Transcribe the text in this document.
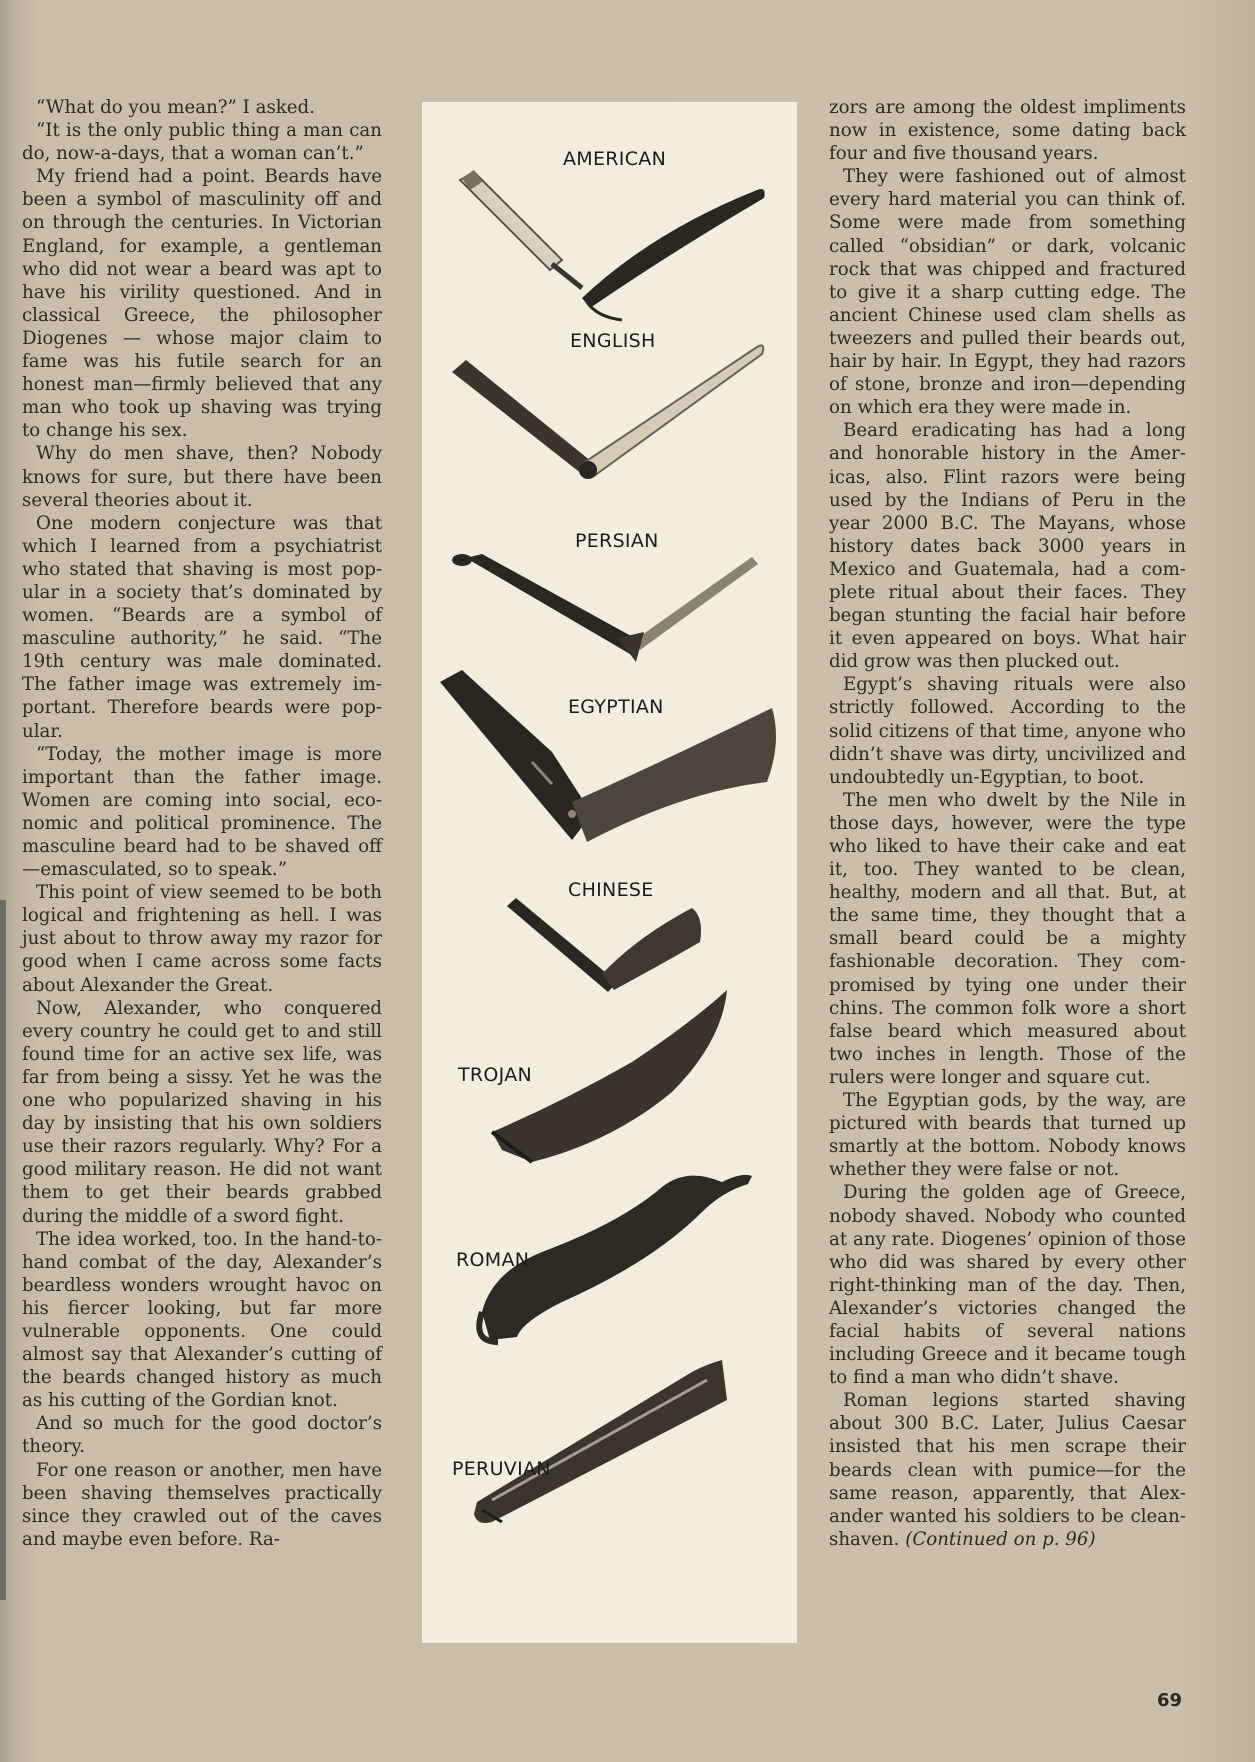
“What do you mean?” I asked.

“It is the only public thing a man can do, now-a-days, that a woman can’t.”

My friend had a point. Beards have been a symbol of masculinity off and on through the centuries. In Victorian England, for example, a gentleman who did not wear a beard was apt to have his virility questioned. And in classical Greece, the philosopher Diogenes — whose major claim to fame was his futile search for an honest man—firmly believed that any man who took up shaving was trying to change his sex.

Why do men shave, then? Nobody knows for sure, but there have been several theories about it.

One modern conjecture was that which I learned from a psychiatrist who stated that shaving is most popular in a society that’s dominated by women. “Beards are a symbol of masculine authority,” he said. “The 19th century was male dominated. The father image was extremely important. Therefore beards were popular.

“Today, the mother image is more important than the father image. Women are coming into social, economic and political prominence. The masculine beard had to be shaved off—emasculated, so to speak.”

This point of view seemed to be both logical and frightening as hell. I was just about to throw away my razor for good when I came across some facts about Alexander the Great.

Now, Alexander, who conquered every country he could get to and still found time for an active sex life, was far from being a sissy. Yet he was the one who popularized shaving in his day by insisting that his own soldiers use their razors regularly. Why? For a good military reason. He did not want them to get their beards grabbed during the middle of a sword fight.

The idea worked, too. In the hand-to-hand combat of the day, Alexander’s beardless wonders wrought havoc on his fiercer looking, but far more vulnerable opponents. One could almost say that Alexander’s cutting of the beards changed history as much as his cutting of the Gordian knot.

And so much for the good doctor’s theory.

For one reason or another, men have been shaving themselves practically since they crawled out of the caves and maybe even before. Ra-

AMERICAN
ENGLISH
PERSIAN
EGYPTIAN
CHINESE
TROJAN
ROMAN
PERUVIAN

zors are among the oldest impliments now in existence, some dating back four and five thousand years.

They were fashioned out of almost every hard material you can think of. Some were made from something called “obsidian” or dark, volcanic rock that was chipped and fractured to give it a sharp cutting edge. The ancient Chinese used clam shells as tweezers and pulled their beards out, hair by hair. In Egypt, they had razors of stone, bronze and iron—depending on which era they were made in.

Beard eradicating has had a long and honorable history in the Americas, also. Flint razors were being used by the Indians of Peru in the year 2000 B.C. The Mayans, whose history dates back 3000 years in Mexico and Guatemala, had a complete ritual about their faces. They began stunting the facial hair before it even appeared on boys. What hair did grow was then plucked out.

Egypt’s shaving rituals were also strictly followed. According to the solid citizens of that time, anyone who didn’t shave was dirty, uncivilized and undoubtedly un-Egyptian, to boot.

The men who dwelt by the Nile in those days, however, were the type who liked to have their cake and eat it, too. They wanted to be clean, healthy, modern and all that. But, at the same time, they thought that a small beard could be a mighty fashionable decoration. They compromised by tying one under their chins. The common folk wore a short false beard which measured about two inches in length. Those of the rulers were longer and square cut.

The Egyptian gods, by the way, are pictured with beards that turned up smartly at the bottom. Nobody knows whether they were false or not.

During the golden age of Greece, nobody shaved. Nobody who counted at any rate. Diogenes’ opinion of those who did was shared by every other right-thinking man of the day. Then, Alexander’s victories changed the facial habits of several nations including Greece and it became tough to find a man who didn’t shave.

Roman legions started shaving about 300 B.C. Later, Julius Caesar insisted that his men scrape their beards clean with pumice—for the same reason, apparently, that Alexander wanted his soldiers to be clean-shaven. (Continued on p. 96)

69
